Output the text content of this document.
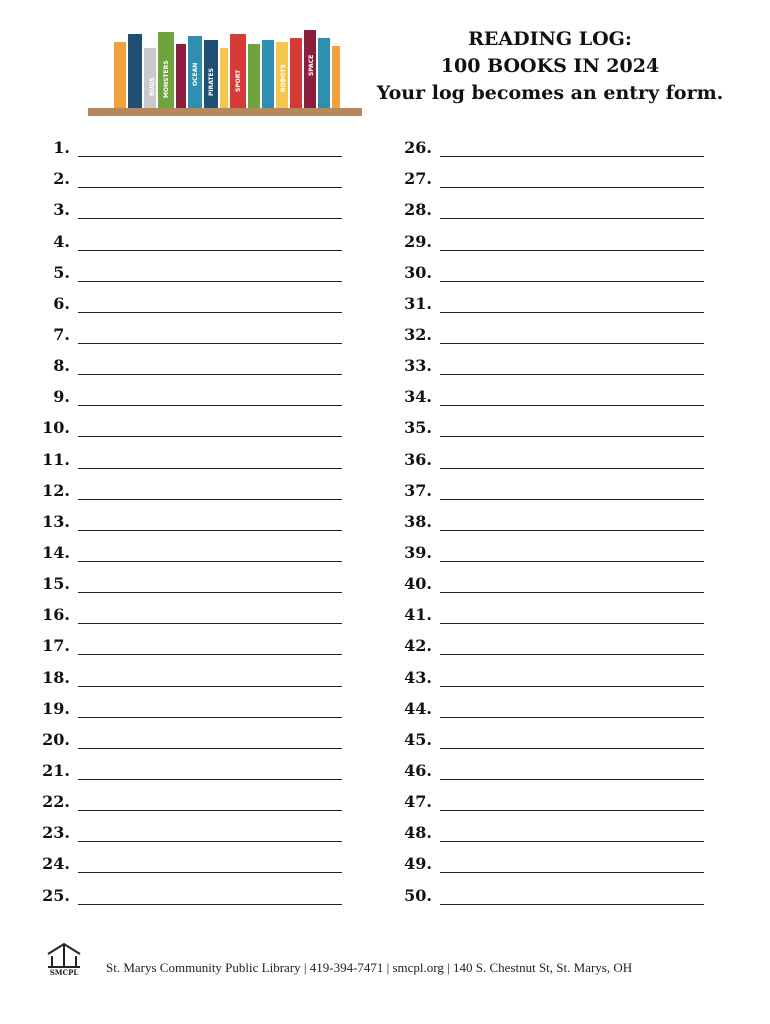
BUGS MONSTERS	OCEAN PIRATES	SPORT	ROBOTS	SPACE
READING LOG:
100 BOOKS IN 2024
Your log becomes an entry form.
1.
2.
3.
4.
5.
6.
7.
8.
9.
10.
11.
12.
13.
14.
15.
16.
17.
18.
19.
20.
21.
22.
23.
24.
25.
26.
27.
28.
29.
30.
31.
32.
33.
34.
35.
36.
37.
38.
39.
40.
41.
42.
43.
44.
45.
46.
47.
48.
49.
50.
SMCPL St. Marys Community Public Library | 419-394-7471 | smcpl.org | 140 S. Chestnut St, St. Marys, OH
